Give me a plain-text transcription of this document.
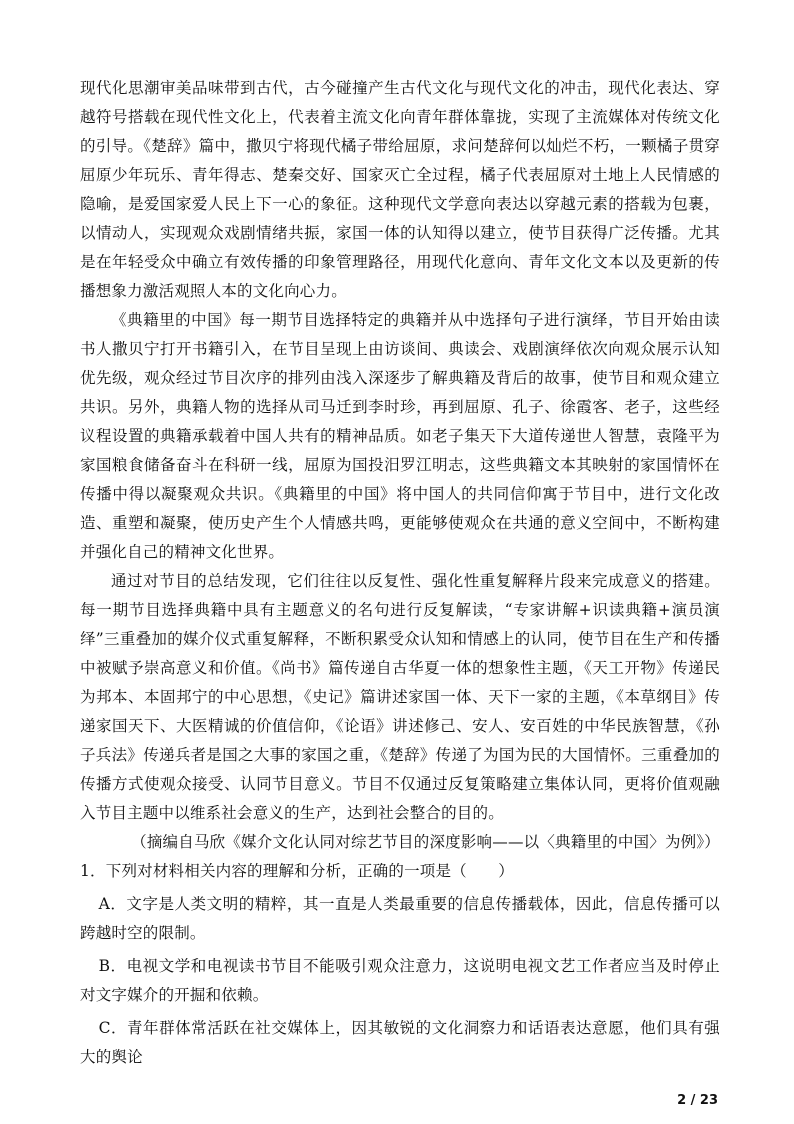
现代化思潮审美品味带到古代，古今碰撞产生古代文化与现代文化的冲击，现代化表达、穿越符号搭载在现代性文化上，代表着主流文化向青年群体靠拢，实现了主流媒体对传统文化的引导。《楚辞》篇中，撒贝宁将现代橘子带给屈原，求问楚辞何以灿烂不朽，一颗橘子贯穿屈原少年玩乐、青年得志、楚秦交好、国家灭亡全过程，橘子代表屈原对土地上人民情感的隐喻，是爱国家爱人民上下一心的象征。这种现代文学意向表达以穿越元素的搭载为包裹，以情动人，实现观众戏剧情绪共振，家国一体的认知得以建立，使节目获得广泛传播。尤其是在年轻受众中确立有效传播的印象管理路径，用现代化意向、青年文化文本以及更新的传播想象力激活观照人本的文化向心力。

《典籍里的中国》每一期节目选择特定的典籍并从中选择句子进行演绎，节目开始由读书人撒贝宁打开书籍引入，在节目呈现上由访谈间、典读会、戏剧演绎依次向观众展示认知优先级，观众经过节目次序的排列由浅入深逐步了解典籍及背后的故事，使节目和观众建立共识。另外，典籍人物的选择从司马迁到李时珍，再到屈原、孔子、徐霞客、老子，这些经议程设置的典籍承载着中国人共有的精神品质。如老子集天下大道传递世人智慧，袁隆平为家国粮食储备奋斗在科研一线，屈原为国投汨罗江明志，这些典籍文本其映射的家国情怀在传播中得以凝聚观众共识。《典籍里的中国》将中国人的共同信仰寓于节目中，进行文化改造、重塑和凝聚，使历史产生个人情感共鸣，更能够使观众在共通的意义空间中，不断构建并强化自己的精神文化世界。

通过对节目的总结发现，它们往往以反复性、强化性重复解释片段来完成意义的搭建。每一期节目选择典籍中具有主题意义的名句进行反复解读，“专家讲解+识读典籍+演员演绎”三重叠加的媒介仪式重复解释，不断积累受众认知和情感上的认同，使节目在生产和传播中被赋予崇高意义和价值。《尚书》篇传递自古华夏一体的想象性主题，《天工开物》传递民为邦本、本固邦宁的中心思想，《史记》篇讲述家国一体、天下一家的主题，《本草纲目》传递家国天下、大医精诚的价值信仰，《论语》讲述修己、安人、安百姓的中华民族智慧，《孙子兵法》传递兵者是国之大事的家国之重，《楚辞》传递了为国为民的大国情怀。三重叠加的传播方式使观众接受、认同节目意义。节目不仅通过反复策略建立集体认同，更将价值观融入节目主题中以维系社会意义的生产，达到社会整合的目的。

（摘编自马欣《媒介文化认同对综艺节目的深度影响——以〈典籍里的中国〉为例》）

1．下列对材料相关内容的理解和分析，正确的一项是（　　）

A．文字是人类文明的精粹，其一直是人类最重要的信息传播载体，因此，信息传播可以跨越时空的限制。

B．电视文学和电视读书节目不能吸引观众注意力，这说明电视文艺工作者应当及时停止对文字媒介的开掘和依赖。

C．青年群体常活跃在社交媒体上，因其敏锐的文化洞察力和话语表达意愿，他们具有强大的舆论

2 / 23
